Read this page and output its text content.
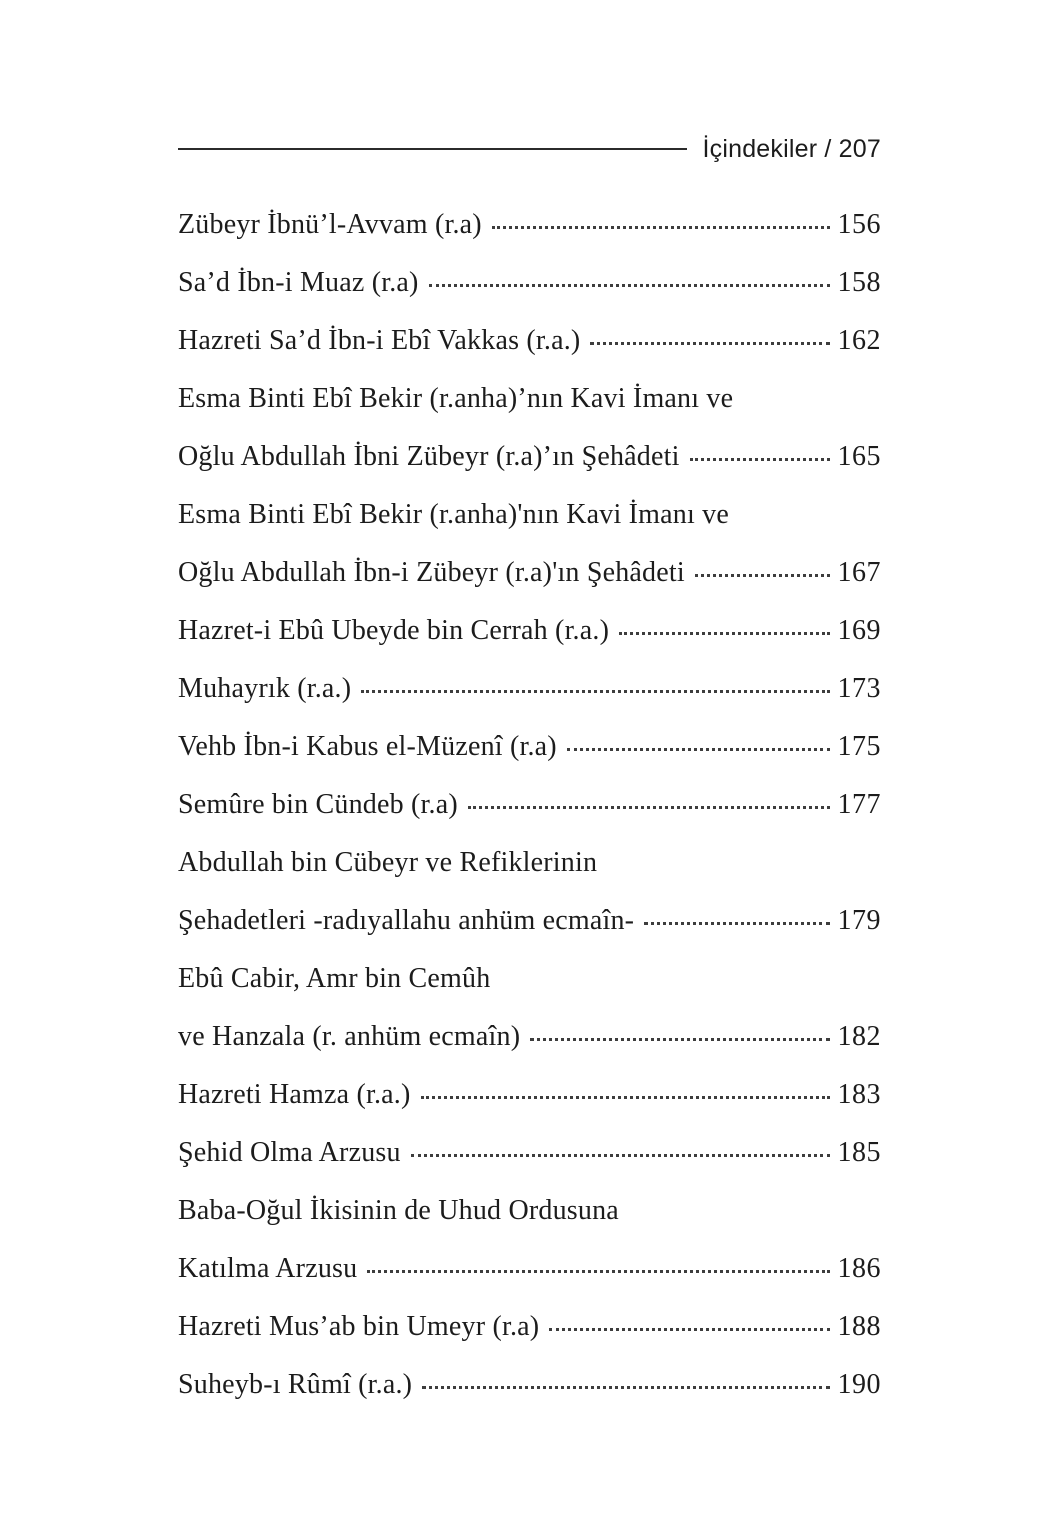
İçindekiler / 207
Zübeyr İbnü’l-Avvam (r.a)	156
Sa’d İbn-i Muaz (r.a)	158
Hazreti Sa’d İbn-i Ebî Vakkas (r.a.)	162
Esma Binti Ebî Bekir (r.anha)’nın Kavi İmanı ve
Oğlu Abdullah İbni Zübeyr (r.a)’ın Şehâdeti	165
Esma Binti Ebî Bekir (r.anha)'nın Kavi İmanı ve
Oğlu Abdullah İbn-i Zübeyr (r.a)'ın Şehâdeti	167
Hazret-i Ebû Ubeyde bin Cerrah (r.a.)	169
Muhayrık (r.a.)	173
Vehb İbn-i Kabus el-Müzenî (r.a)	175
Semûre bin Cündeb (r.a)	177
Abdullah bin Cübeyr ve Refiklerinin
Şehadetleri -radıyallahu anhüm ecmaîn-	179
Ebû Cabir, Amr bin Cemûh
ve Hanzala (r. anhüm ecmaîn)	182
Hazreti Hamza (r.a.)	183
Şehid Olma Arzusu	185
Baba-Oğul İkisinin de Uhud Ordusuna
Katılma Arzusu	186
Hazreti Mus’ab bin Umeyr (r.a)	188
Suheyb-ı Rûmî (r.a.)	190
